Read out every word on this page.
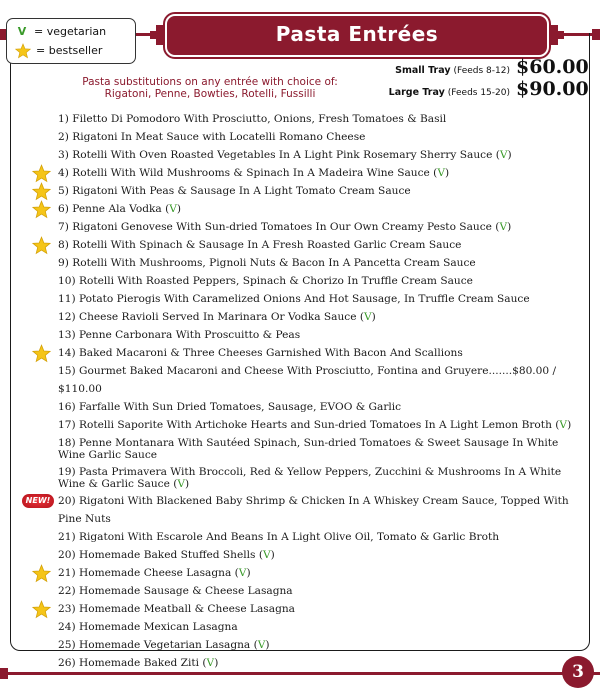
V = vegetarian
= bestseller
Pasta Entrées
Pasta substitutions on any entrée with choice of:
Rigatoni, Penne, Bowties, Rotelli, Fussilli
Small Tray (Feeds 8-12) $60.00
Large Tray (Feeds 15-20) $90.00
1) Filetto Di Pomodoro With Prosciutto, Onions, Fresh Tomatoes & Basil
2) Rigatoni In Meat Sauce with Locatelli Romano Cheese
3) Rotelli With Oven Roasted Vegetables In A Light Pink Rosemary Sherry Sauce (V)
4) Rotelli With Wild Mushrooms & Spinach In A Madeira Wine Sauce (V)
5) Rigatoni With Peas & Sausage In A Light Tomato Cream Sauce
6) Penne Ala Vodka (V)
7) Rigatoni Genovese With Sun-dried Tomatoes In Our Own Creamy Pesto Sauce (V)
8) Rotelli With Spinach & Sausage In A Fresh Roasted Garlic Cream Sauce
9) Rotelli With Mushrooms, Pignoli Nuts & Bacon In A Pancetta Cream Sauce
10) Rotelli With Roasted Peppers, Spinach & Chorizo In Truffle Cream Sauce
11) Potato Pierogis With Caramelized Onions And Hot Sausage, In Truffle Cream Sauce
12) Cheese Ravioli Served In Marinara Or Vodka Sauce (V)
13) Penne Carbonara With Proscuitto & Peas
14) Baked Macaroni & Three Cheeses Garnished With Bacon And Scallions
15) Gourmet Baked Macaroni and Cheese With Prosciutto, Fontina and Gruyere.......$80.00 / $110.00
16) Farfalle With Sun Dried Tomatoes, Sausage, EVOO & Garlic
17) Rotelli Saporite With Artichoke Hearts and Sun-dried Tomatoes In A Light Lemon Broth (V)
18) Penne Montanara With Sautéed Spinach, Sun-dried Tomatoes & Sweet Sausage In White Wine Garlic Sauce
19) Pasta Primavera With Broccoli, Red & Yellow Peppers, Zucchini & Mushrooms In A White Wine & Garlic Sauce (V)
NEW! 20) Rigatoni With Blackened Baby Shrimp & Chicken In A Whiskey Cream Sauce, Topped With Pine Nuts
21) Rigatoni With Escarole And Beans In A Light Olive Oil, Tomato & Garlic Broth
20) Homemade Baked Stuffed Shells (V)
21) Homemade Cheese Lasagna (V)
22) Homemade Sausage & Cheese Lasagna
23) Homemade Meatball & Cheese Lasagna
24) Homemade Mexican Lasagna
25) Homemade Vegetarian Lasagna (V)
26) Homemade Baked Ziti (V)	3
